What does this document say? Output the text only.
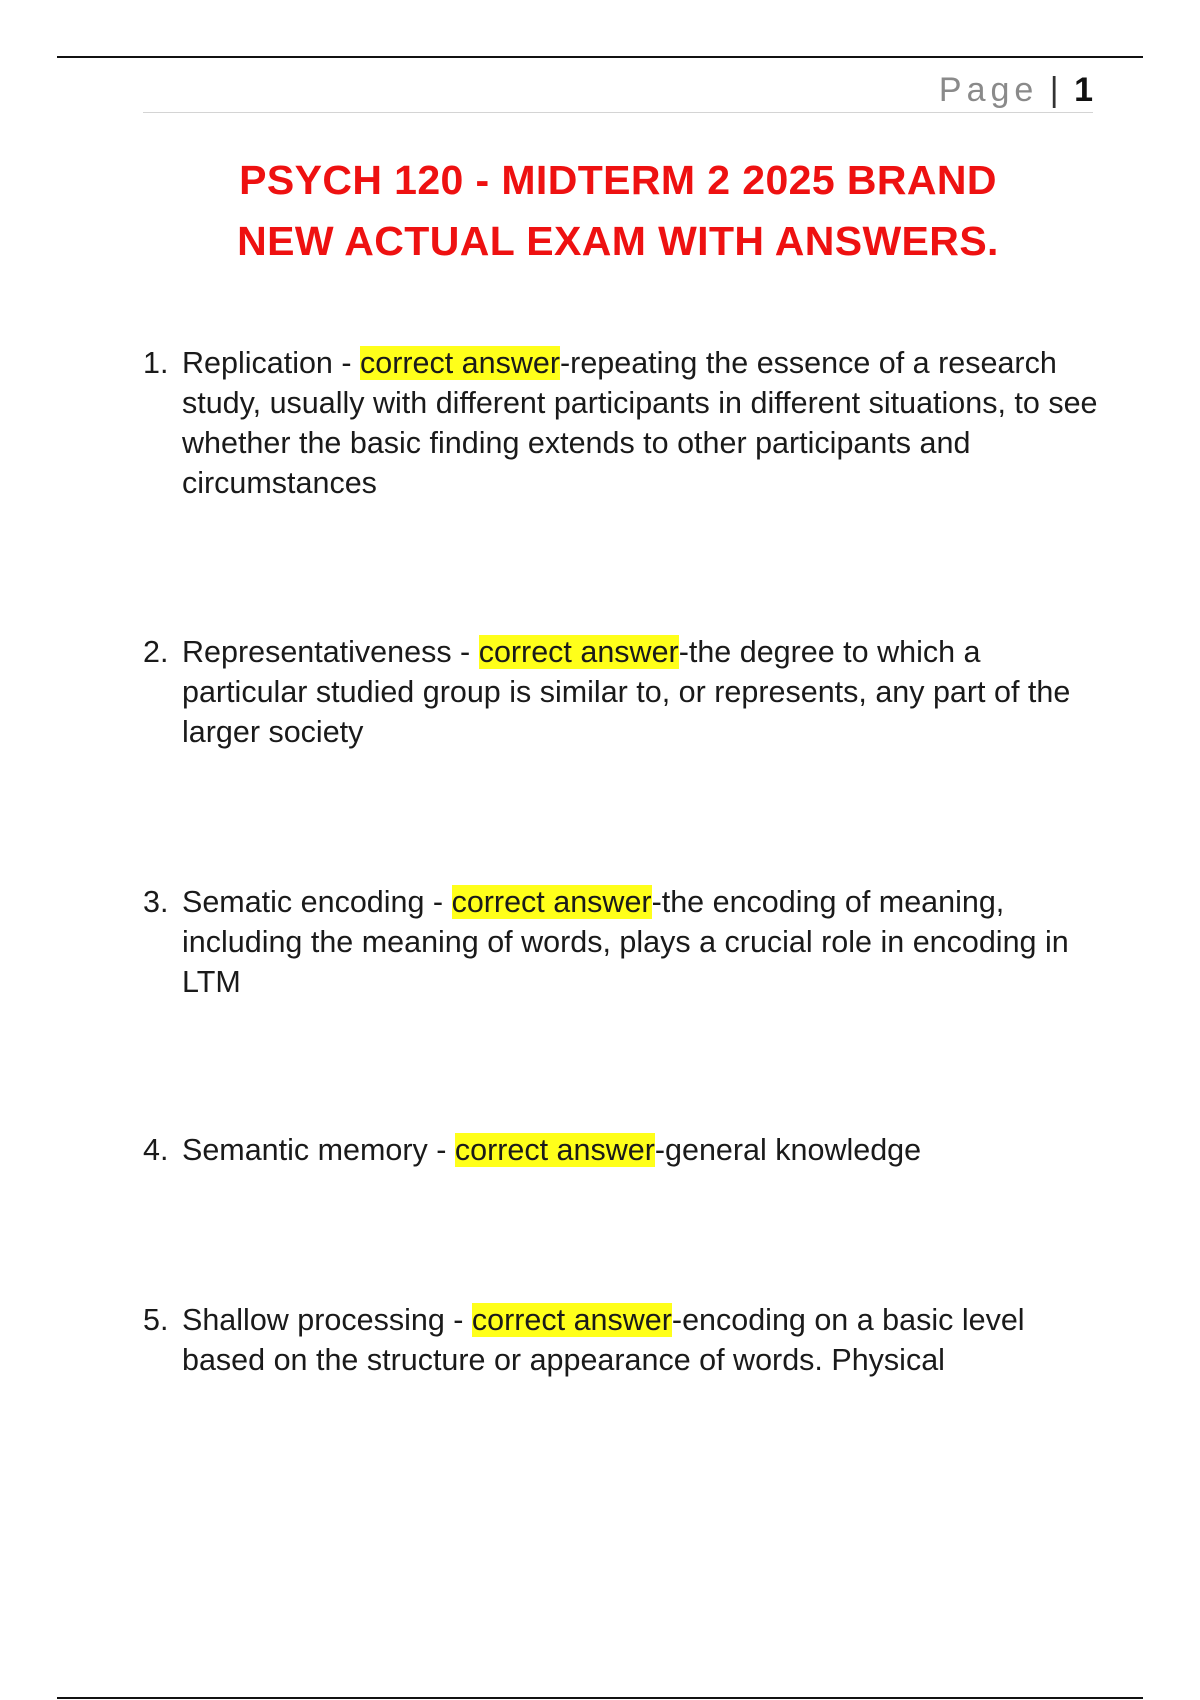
Page | 1
PSYCH 120 - MIDTERM 2 2025 BRAND
NEW ACTUAL EXAM WITH ANSWERS.
1. Replication - correct answer-repeating the essence of a research study, usually with different participants in different situations, to see whether the basic finding extends to other participants and circumstances
2. Representativeness - correct answer-the degree to which a particular studied group is similar to, or represents, any part of the larger society
3. Sematic encoding - correct answer-the encoding of meaning, including the meaning of words, plays a crucial role in encoding in LTM
4. Semantic memory - correct answer-general knowledge
5. Shallow processing - correct answer-encoding on a basic level based on the structure or appearance of words. Physical
